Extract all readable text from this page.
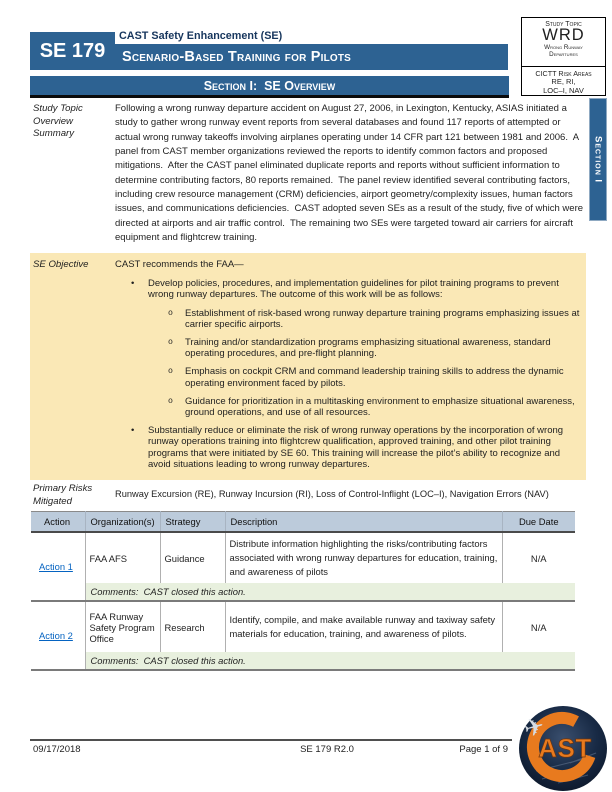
SE 179
CAST Safety Enhancement (SE)
Scenario-Based Training for Pilots
Section I:  SE Overview
Study Topic
WRD
Wrong Runway Departures
CICTT Risk Areas
RE, RI,
LOC–I, NAV
Section I
Study Topic Overview Summary
Following a wrong runway departure accident on August 27, 2006, in Lexington, Kentucky, ASIAS initiated a study to gather wrong runway event reports from several databases and found 117 reports of attempted or actual wrong runway takeoffs involving airplanes operating under 14 CFR part 121 between 1981 and 2006.  A panel from CAST member organizations reviewed the reports to identify common factors and proposed mitigations.  After the CAST panel eliminated duplicate reports and reports without sufficient information to determine contributing factors, 80 reports remained.  The panel review identified several contributing factors, including crew resource management (CRM) deficiencies, airport geometry/complexity issues, human factors issues, and communications deficiencies.  CAST adopted seven SEs as a result of the study, five of which were directed at airports and air traffic control.  The remaining two SEs were targeted toward air carriers for aircraft equipment and flightcrew training.
SE Objective	CAST recommends the FAA—
• Develop policies, procedures, and implementation guidelines for pilot training programs to prevent wrong runway departures. The outcome of this work will be as follows:
o Establishment of risk-based wrong runway departure training programs emphasizing issues at carrier specific airports.
o Training and/or standardization programs emphasizing situational awareness, standard operating procedures, and pre-flight planning.
o Emphasis on cockpit CRM and command leadership training skills to address the dynamic operating environment faced by pilots.
o Guidance for prioritization in a multitasking environment to emphasize situational awareness, ground operations, and use of all resources.
• Substantially reduce or eliminate the risk of wrong runway operations by the incorporation of wrong runway operations training into flightcrew qualification, approved training, and other pilot training programs that were initiated by SE 60. This training will increase the pilot’s ability to recognize and avoid situations leading to wrong runway departures.
Primary Risks Mitigated
Runway Excursion (RE), Runway Incursion (RI), Loss of Control-Inflight (LOC–I), Navigation Errors (NAV)
Action	Organization(s)	Strategy	Description	Due Date
Action 1	FAA AFS	Guidance	Distribute information highlighting the risks/contributing factors associated with wrong runway departures for education, training, and awareness of pilots	N/A
	Comments:  CAST closed this action.			
Action 2	FAA Runway Safety Program Office	Research	Identify, compile, and make available runway and taxiway safety materials for education, training, and awareness of pilots.	N/A
	Comments:  CAST closed this action.			
09/17/2018	SE 179 R2.0	Page 1 of 9 AST
✈
